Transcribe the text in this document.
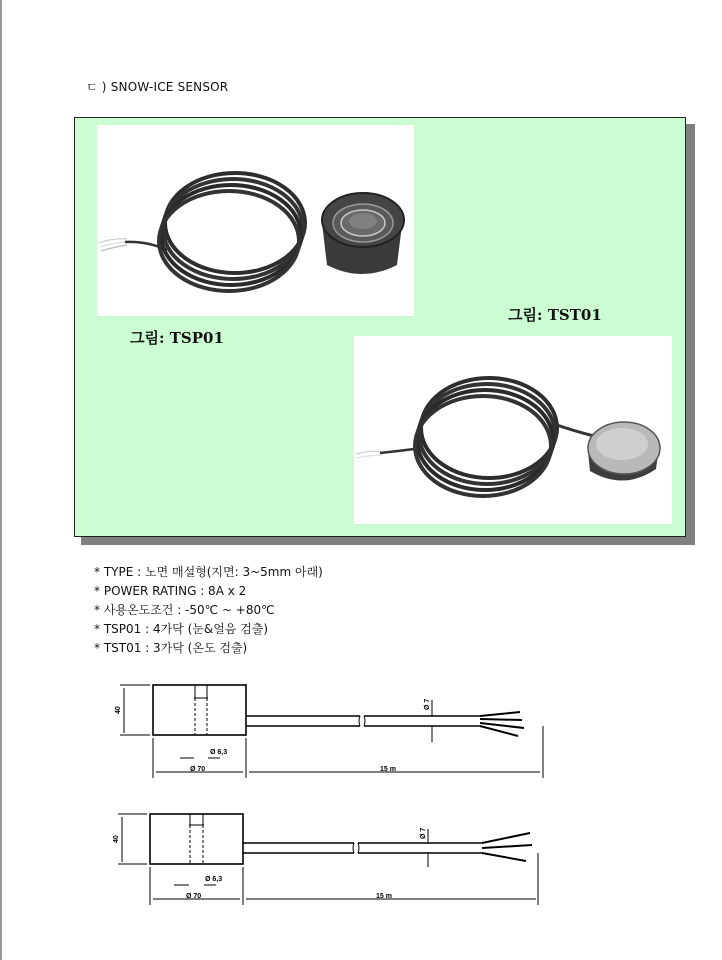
ㄷ ) SNOW-ICE SENSOR
그림: TSP01
그림: TST01
* TYPE : 노면 매설형(지면: 3~5mm 아래)
* POWER RATING : 8A x 2
* 사용온도조건 : -50℃ ~ +80℃
* TSP01 : 4가닥 (눈&얼음 검출)
* TST01 : 3가닥 (온도 검출)
40
Ø 6,3
Ø 70	15 m
Ø 7
40
Ø 6,3
Ø 70	15 m
Ø 7
